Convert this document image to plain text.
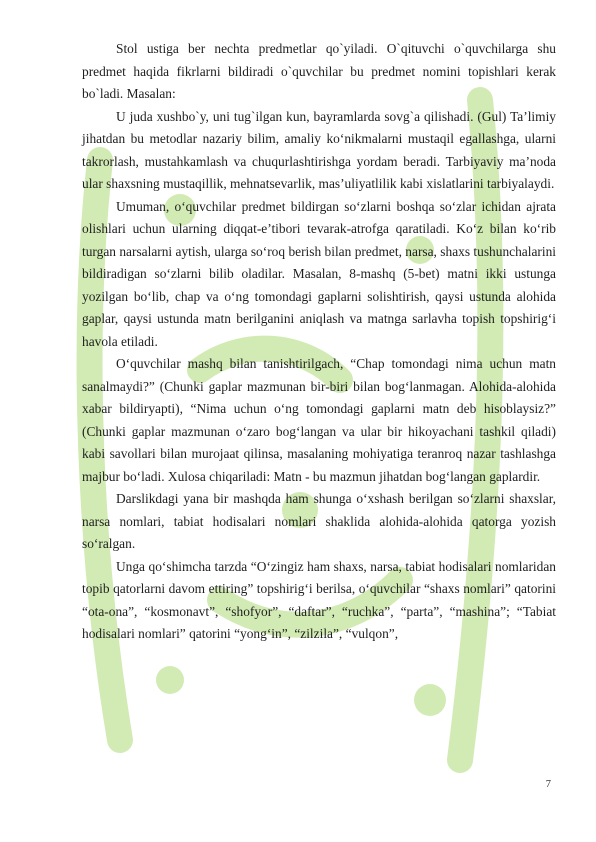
Stol ustiga ber nechta predmetlar qo`yiladi. O`qituvchi o`quvchilarga shu predmet haqida fikrlarni bildiradi o`quvchilar bu predmet nomini topishlari kerak bo`ladi. Masalan:

U juda xushbo`y, uni tug`ilgan kun, bayramlarda sovg`a qilishadi. (Gul) Ta’limiy jihatdan bu metodlar nazariy bilim, amaliy ko‘nikmalarni mustaqil egallashga, ularni takrorlash, mustahkamlash va chuqurlashtirishga yordam beradi. Tarbiyaviy ma’noda ular shaxsning mustaqillik, mehnatsevarlik, mas’uliyatlilik kabi xislatlarini tarbiyalaydi.

Umuman, o‘quvchilar predmet bildirgan so‘zlarni boshqa so‘zlar ichidan ajrata olishlari uchun ularning diqqat-e’tibori tevarak-atrofga qaratiladi. Ko‘z bilan ko‘rib turgan narsalarni aytish, ularga so‘roq berish bilan predmet, narsa, shaxs tushunchalarini bildiradigan so‘zlarni bilib oladilar. Masalan, 8-mashq (5-bet) matni ikki ustunga yozilgan bo‘lib, chap va o‘ng tomondagi gaplarni solishtirish, qaysi ustunda alohida gaplar, qaysi ustunda matn berilganini aniqlash va matnga sarlavha topish topshirig‘i havola etiladi.

O‘quvchilar mashq bilan tanishtirilgach, “Chap tomondagi nima uchun matn sanalmaydi?” (Chunki gaplar mazmunan bir-biri bilan bog‘lanmagan. Alohida-alohida xabar bildiryapti), “Nima uchun o‘ng tomondagi gaplarni matn deb hisoblaysiz?” (Chunki gaplar mazmunan o‘zaro bog‘langan va ular bir hikoyachani tashkil qiladi) kabi savollari bilan murojaat qilinsa, masalaning mohiyatiga teranroq nazar tashlashga majbur bo‘ladi. Xulosa chiqariladi: Matn - bu mazmun jihatdan bog‘langan gaplardir.

Darslikdagi yana bir mashqda ham shunga o‘xshash berilgan so‘zlarni shaxslar, narsa nomlari, tabiat hodisalari nomlari shaklida alohida-alohida qatorga yozish so‘ralgan.

Unga qo‘shimcha tarzda “O‘zingiz ham shaxs, narsa, tabiat hodisalari nomlaridan topib qatorlarni davom ettiring” topshirig‘i berilsa, o‘quvchilar “shaxs nomlari” qatorini “ota-ona”, “kosmonavt”, “shofyor”, “daftar”, “ruchka”, “parta”, “mashina”; “Tabiat hodisalari nomlari” qatorini “yong‘in”, “zilzila”, “vulqon”,

7
